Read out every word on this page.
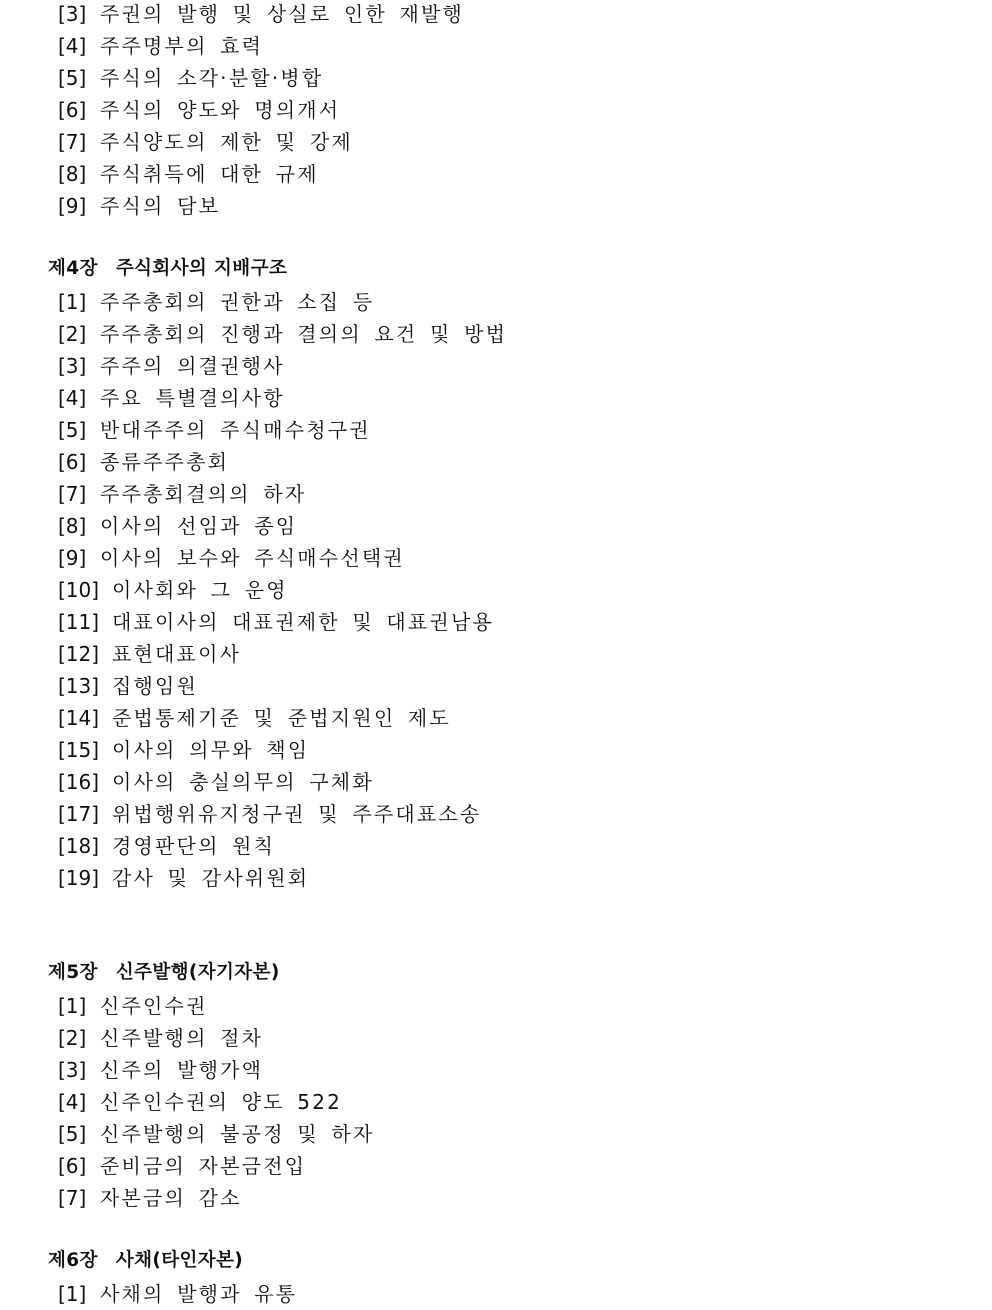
[3] 주권의 발행 및 상실로 인한 재발행
[4] 주주명부의 효력
[5] 주식의 소각·분할·병합
[6] 주식의 양도와 명의개서
[7] 주식양도의 제한 및 강제
[8] 주식취득에 대한 규제
[9] 주식의 담보
제4장 주식회사의 지배구조
[1] 주주총회의 권한과 소집 등
[2] 주주총회의 진행과 결의의 요건 및 방법
[3] 주주의 의결권행사
[4] 주요 특별결의사항
[5] 반대주주의 주식매수청구권
[6] 종류주주총회
[7] 주주총회결의의 하자
[8] 이사의 선임과 종임
[9] 이사의 보수와 주식매수선택권
[10] 이사회와 그 운영
[11] 대표이사의 대표권제한 및 대표권남용
[12] 표현대표이사
[13] 집행임원
[14] 준법통제기준 및 준법지원인 제도
[15] 이사의 의무와 책임
[16] 이사의 충실의무의 구체화
[17] 위법행위유지청구권 및 주주대표소송
[18] 경영판단의 원칙
[19] 감사 및 감사위원회
제5장 신주발행(자기자본)
[1] 신주인수권
[2] 신주발행의 절차
[3] 신주의 발행가액
[4] 신주인수권의 양도 522
[5] 신주발행의 불공정 및 하자
[6] 준비금의 자본금전입
[7] 자본금의 감소
제6장 사채(타인자본)
[1] 사채의 발행과 유통
